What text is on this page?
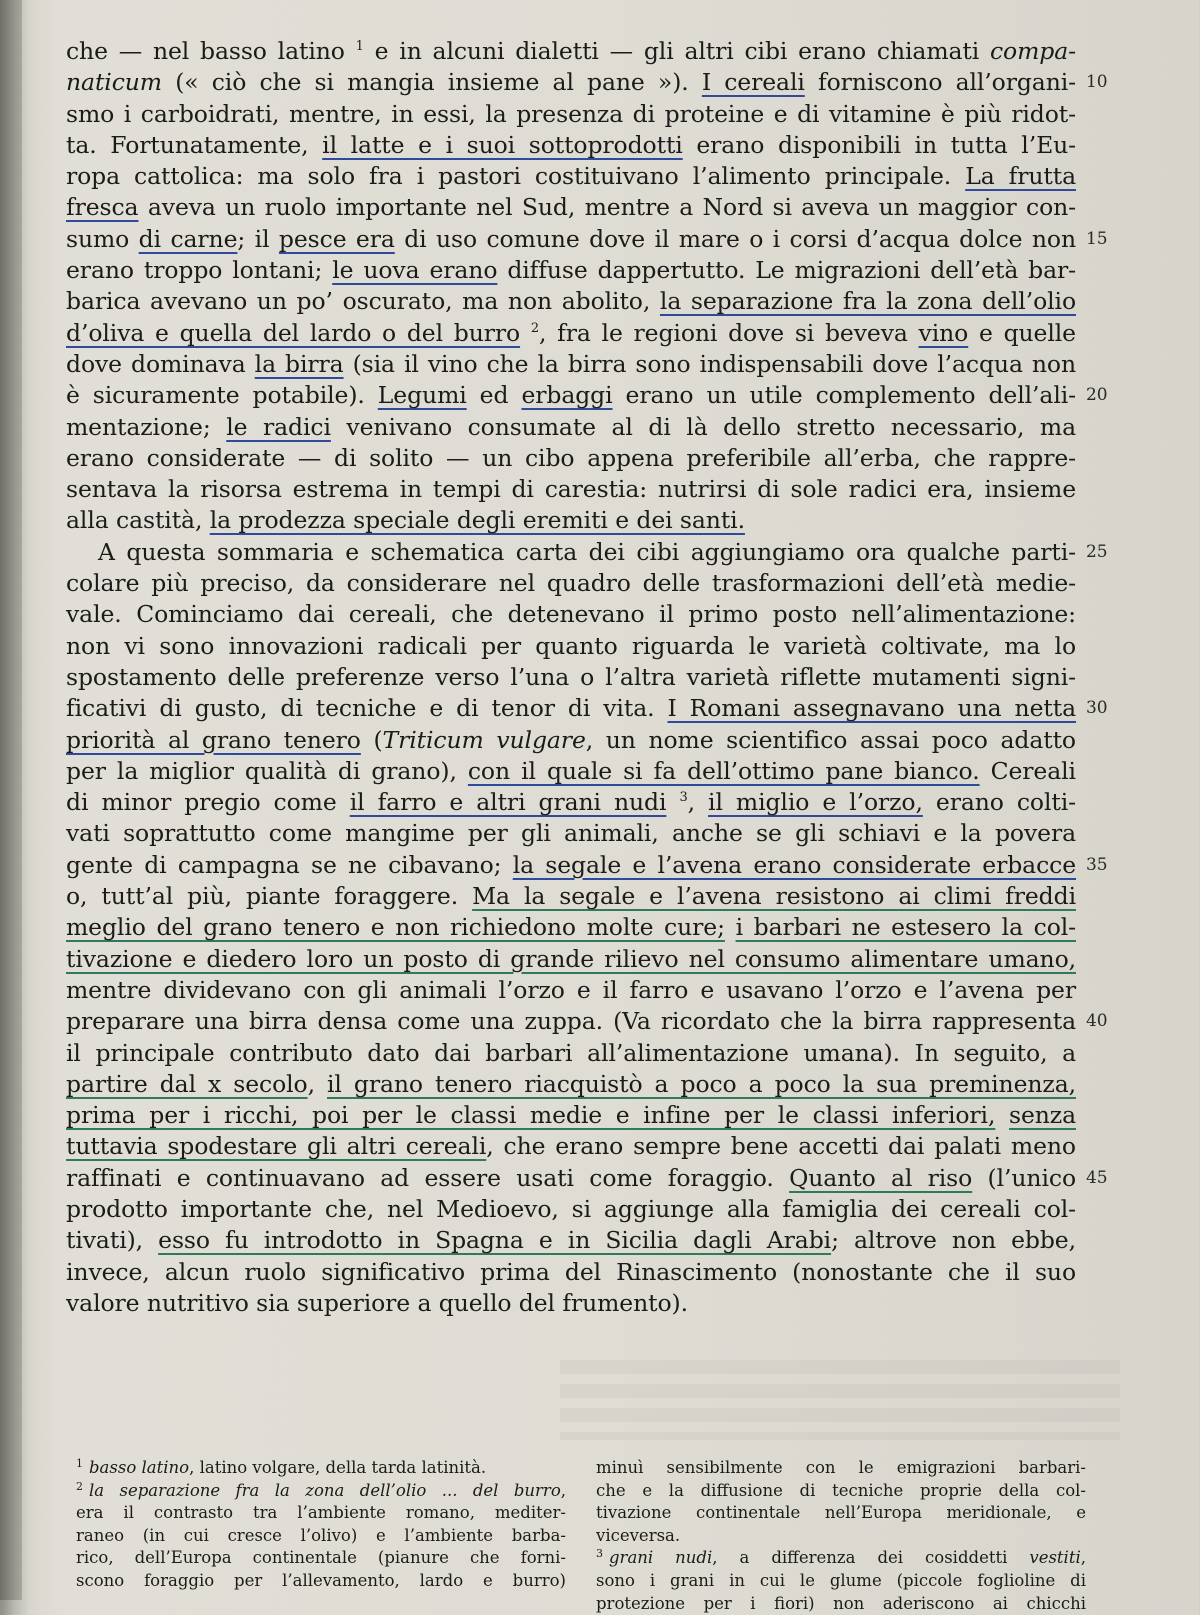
che — nel basso latino $^1$ e in alcuni dialetti — gli altri cibi erano chiamati compa-
naticum (« ciò che si mangia insieme al pane »). I cereali forniscono all’organi- 10
smo i carboidrati, mentre, in essi, la presenza di proteine e di vitamine è più ridot-
ta. Fortunatamente, il latte e i suoi sottoprodotti erano disponibili in tutta l’Eu-
ropa cattolica: ma solo fra i pastori costituivano l’alimento principale. La frutta
fresca aveva un ruolo importante nel Sud, mentre a Nord si aveva un maggior con-
sumo di carne; il pesce era di uso comune dove il mare o i corsi d’acqua dolce non 15
erano troppo lontani; le uova erano diffuse dappertutto. Le migrazioni dell’età bar-
barica avevano un po’ oscurato, ma non abolito, la separazione fra la zona dell’olio
d’oliva e quella del lardo o del burro $^2$, fra le regioni dove si beveva vino e quelle
dove dominava la birra (sia il vino che la birra sono indispensabili dove l’acqua non
è sicuramente potabile). Legumi ed erbaggi erano un utile complemento dell’ali- 20
mentazione; le radici venivano consumate al di là dello stretto necessario, ma
erano considerate — di solito — un cibo appena preferibile all’erba, che rappre-
sentava la risorsa estrema in tempi di carestia: nutrirsi di sole radici era, insieme
alla castità, la prodezza speciale degli eremiti e dei santi.
A questa sommaria e schematica carta dei cibi aggiungiamo ora qualche parti- 25
colare più preciso, da considerare nel quadro delle trasformazioni dell’età medie-
vale. Cominciamo dai cereali, che detenevano il primo posto nell’alimentazione:
non vi sono innovazioni radicali per quanto riguarda le varietà coltivate, ma lo
spostamento delle preferenze verso l’una o l’altra varietà riflette mutamenti signi-
ficativi di gusto, di tecniche e di tenor di vita. I Romani assegnavano una netta 30
priorità al grano tenero (Triticum vulgare, un nome scientifico assai poco adatto
per la miglior qualità di grano), con il quale si fa dell’ottimo pane bianco. Cereali
di minor pregio come il farro e altri grani nudi $^3$, il miglio e l’orzo, erano colti-
vati soprattutto come mangime per gli animali, anche se gli schiavi e la povera
gente di campagna se ne cibavano; la segale e l’avena erano considerate erbacce 35
o, tutt’al più, piante foraggere. Ma la segale e l’avena resistono ai climi freddi
meglio del grano tenero e non richiedono molte cure; i barbari ne estesero la col-
tivazione e diedero loro un posto di grande rilievo nel consumo alimentare umano,
mentre dividevano con gli animali l’orzo e il farro e usavano l’orzo e l’avena per
preparare una birra densa come una zuppa. (Va ricordato che la birra rappresenta 40
il principale contributo dato dai barbari all’alimentazione umana). In seguito, a
partire dal x secolo, il grano tenero riacquistò a poco a poco la sua preminenza,
prima per i ricchi, poi per le classi medie e infine per le classi inferiori, senza
tuttavia spodestare gli altri cereali, che erano sempre bene accetti dai palati meno
raffinati e continuavano ad essere usati come foraggio. Quanto al riso (l’unico 45
prodotto importante che, nel Medioevo, si aggiunge alla famiglia dei cereali col-
tivati), esso fu introdotto in Spagna e in Sicilia dagli Arabi; altrove non ebbe,
invece, alcun ruolo significativo prima del Rinascimento (nonostante che il suo
valore nutritivo sia superiore a quello del frumento).
$^1$ basso latino, latino volgare, della tarda latinità.
$^2$ la separazione fra la zona dell’olio ... del burro,
era il contrasto tra l’ambiente romano, mediter-
raneo (in cui cresce l’olivo) e l’ambiente barba-
rico, dell’Europa continentale (pianure che forni-
scono foraggio per l’allevamento, lardo e burro)
minuì sensibilmente con le emigrazioni barbari-
che e la diffusione di tecniche proprie della col-
tivazione continentale nell’Europa meridionale, e
viceversa.
$^3$ grani nudi, a differenza dei cosiddetti vestiti,
sono i grani in cui le glume (piccole foglioline di
protezione per i fiori) non aderiscono ai chicchi
